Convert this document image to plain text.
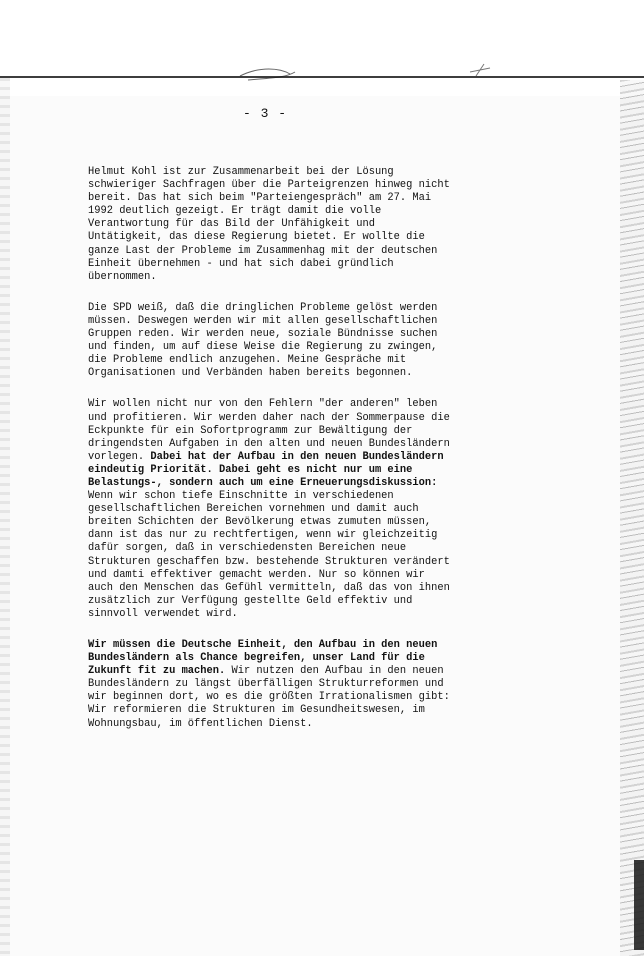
- 3 -
Helmut Kohl ist zur Zusammenarbeit bei der Lösung
schwieriger Sachfragen über die Parteigrenzen hinweg nicht
bereit. Das hat sich beim "Parteiengespräch" am 27. Mai
1992 deutlich gezeigt. Er trägt damit die volle
Verantwortung für das Bild der Unfähigkeit und
Untätigkeit, das diese Regierung bietet. Er wollte die
ganze Last der Probleme im Zusammenhag mit der deutschen
Einheit übernehmen - und hat sich dabei gründlich
übernommen.
Die SPD weiß, daß die dringlichen Probleme gelöst werden
müssen. Deswegen werden wir mit allen gesellschaftlichen
Gruppen reden. Wir werden neue, soziale Bündnisse suchen
und finden, um auf diese Weise die Regierung zu zwingen,
die Probleme endlich anzugehen. Meine Gespräche mit
Organisationen und Verbänden haben bereits begonnen.
Wir wollen nicht nur von den Fehlern "der anderen" leben
und profitieren. Wir werden daher nach der Sommerpause die
Eckpunkte für ein Sofortprogramm zur Bewältigung der
dringendsten Aufgaben in den alten und neuen Bundesländern
vorlegen. Dabei hat der Aufbau in den neuen Bundesländern
eindeutig Priorität. Dabei geht es nicht nur um eine
Belastungs-, sondern auch um eine Erneuerungsdiskussion:
Wenn wir schon tiefe Einschnitte in verschiedenen
gesellschaftlichen Bereichen vornehmen und damit auch
breiten Schichten der Bevölkerung etwas zumuten müssen,
dann ist das nur zu rechtfertigen, wenn wir gleichzeitig
dafür sorgen, daß in verschiedensten Bereichen neue
Strukturen geschaffen bzw. bestehende Strukturen verändert
und damti effektiver gemacht werden. Nur so können wir
auch den Menschen das Gefühl vermitteln, daß das von ihnen
zusätzlich zur Verfügung gestellte Geld effektiv und
sinnvoll verwendet wird.
Wir müssen die Deutsche Einheit, den Aufbau in den neuen
Bundesländern als Chance begreifen, unser Land für die
Zukunft fit zu machen. Wir nutzen den Aufbau in den neuen
Bundesländern zu längst überfälligen Strukturreformen und
wir beginnen dort, wo es die größten Irrationalismen gibt:
Wir reformieren die Strukturen im Gesundheitswesen, im
Wohnungsbau, im öffentlichen Dienst.
